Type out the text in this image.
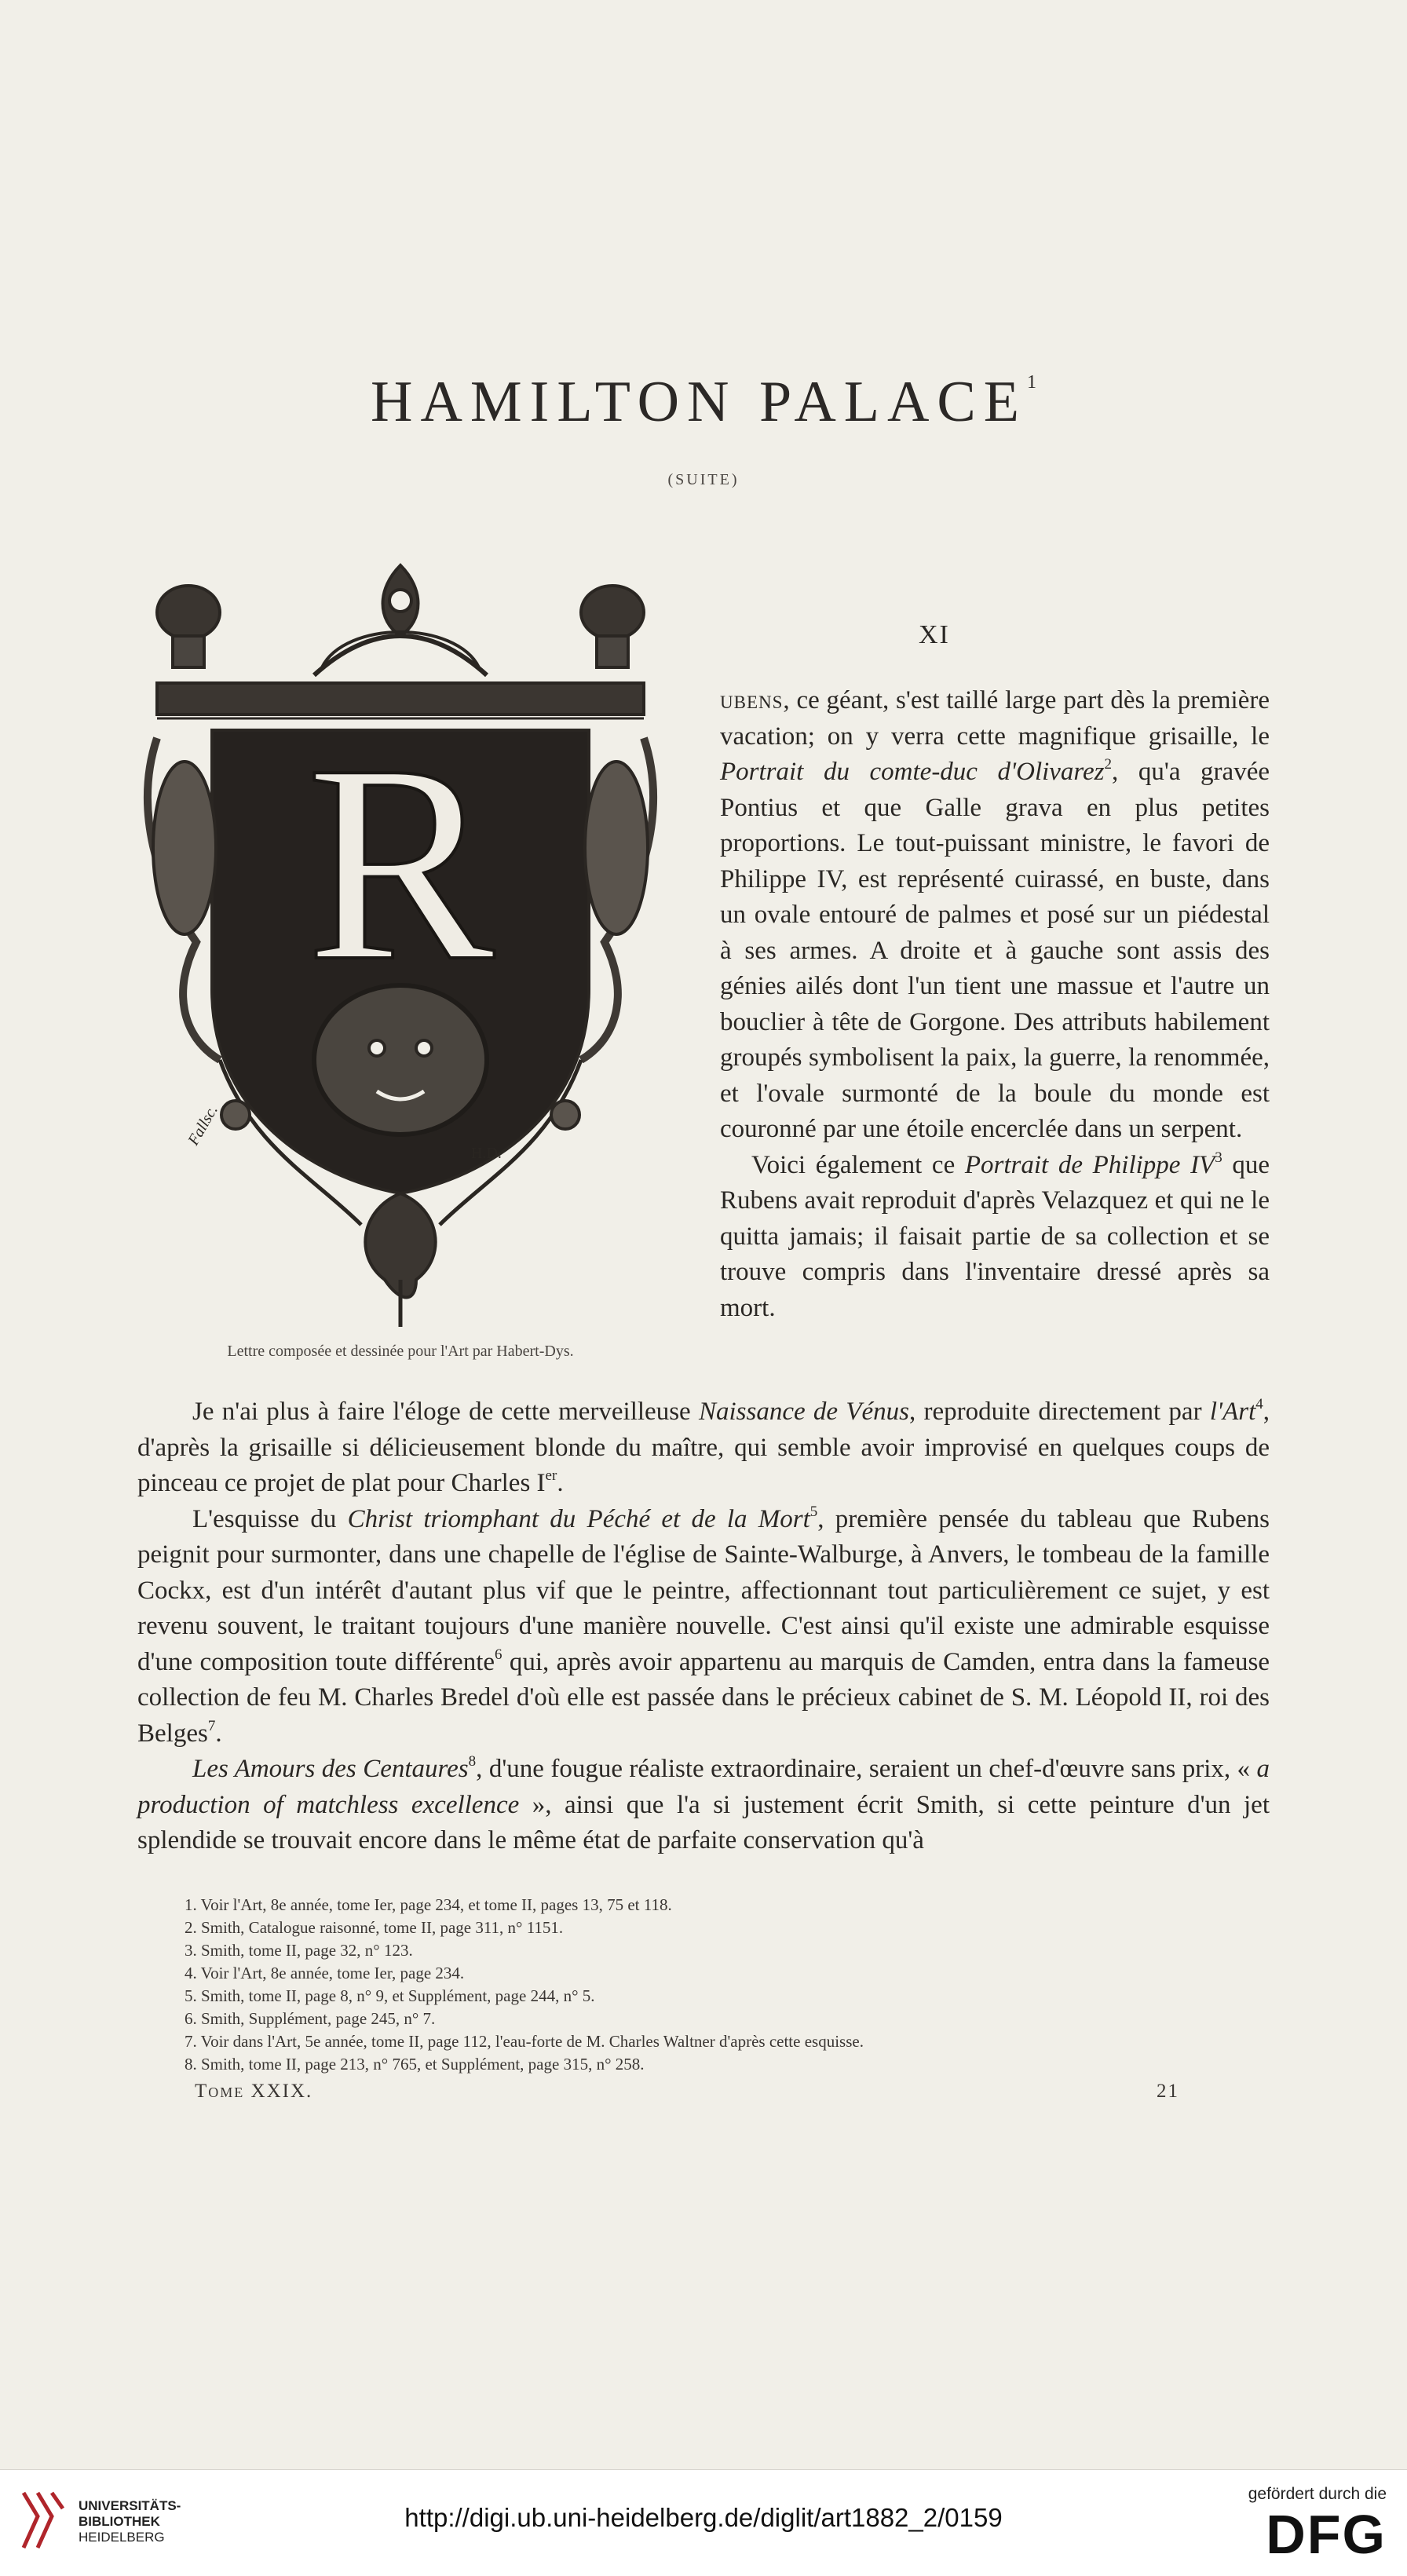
HAMILTON PALACE$^1$
(SUITE)
R
Fallsc.
H.D.
Lettre composée et dessinée pour l'Art par Habert-Dys.
XI

ubens, ce géant, s'est taillé large part dès la première vacation; on y verra cette magnifique grisaille, le Portrait du comte-duc d'Olivarez$^2$, qu'a gravée Pontius et que Galle grava en plus petites proportions. Le tout-puissant ministre, le favori de Philippe IV, est représenté cuirassé, en buste, dans un ovale entouré de palmes et posé sur un piédestal à ses armes. A droite et à gauche sont assis des génies ailés dont l'un tient une massue et l'autre un bouclier à tête de Gorgone. Des attributs habilement groupés symbolisent la paix, la guerre, la renommée, et l'ovale surmonté de la boule du monde est couronné par une étoile encerclée dans un serpent.

Voici également ce Portrait de Philippe $IV^3$ que Rubens avait reproduit d'après Velazquez et qui ne le quitta jamais; il faisait partie de sa collection et se trouve compris dans l'inventaire dressé après sa mort.

Je n'ai plus à faire l'éloge de cette merveilleuse Naissance de Vénus, reproduite directement par l'Art$^4$, d'après la grisaille si délicieusement blonde du maître, qui semble avoir improvisé en quelques coups de pinceau ce projet de plat pour Charles Ier.

L'esquisse du Christ triomphant du Péché et de la Mort$^5$, première pensée du tableau que Rubens peignit pour surmonter, dans une chapelle de l'église de Sainte-Walburge, à Anvers, le tombeau de la famille Cockx, est d'un intérêt d'autant plus vif que le peintre, affectionnant tout particulièrement ce sujet, y est revenu souvent, le traitant toujours d'une manière nouvelle. C'est ainsi qu'il existe une admirable esquisse d'une composition toute différente$^6$ qui, après avoir appartenu au marquis de Camden, entra dans la fameuse collection de feu M. Charles Bredel d'où elle est passée dans le précieux cabinet de S. M. Léopold II, roi des Belges$^7$.

Les Amours des Centaures$^8$, d'une fougue réaliste extraordinaire, seraient un chef-d'œuvre sans prix, « a production of matchless excellence », ainsi que l'a si justement écrit Smith, si cette peinture d'un jet splendide se trouvait encore dans le même état de parfaite conservation qu'à

1. Voir l'Art, 8e année, tome Ier, page 234, et tome II, pages 13, 75 et 118.
2. Smith, Catalogue raisonné, tome II, page 311, n° 1151.
3. Smith, tome II, page 32, n° 123.
4. Voir l'Art, 8e année, tome Ier, page 234.
5. Smith, tome II, page 8, n° 9, et Supplément, page 244, n° 5.
6. Smith, Supplément, page 245, n° 7.
7. Voir dans l'Art, 5e année, tome II, page 112, l'eau-forte de M. Charles Waltner d'après cette esquisse.
8. Smith, tome II, page 213, n° 765, et Supplément, page 315, n° 258.
Tome XXIX.	21
UNIVERSITÄTS-
BIBLIOTHEK
HEIDELBERG
http://digi.ub.uni-heidelberg.de/diglit/art1882_2/0159
gefördert durch die
DFG
